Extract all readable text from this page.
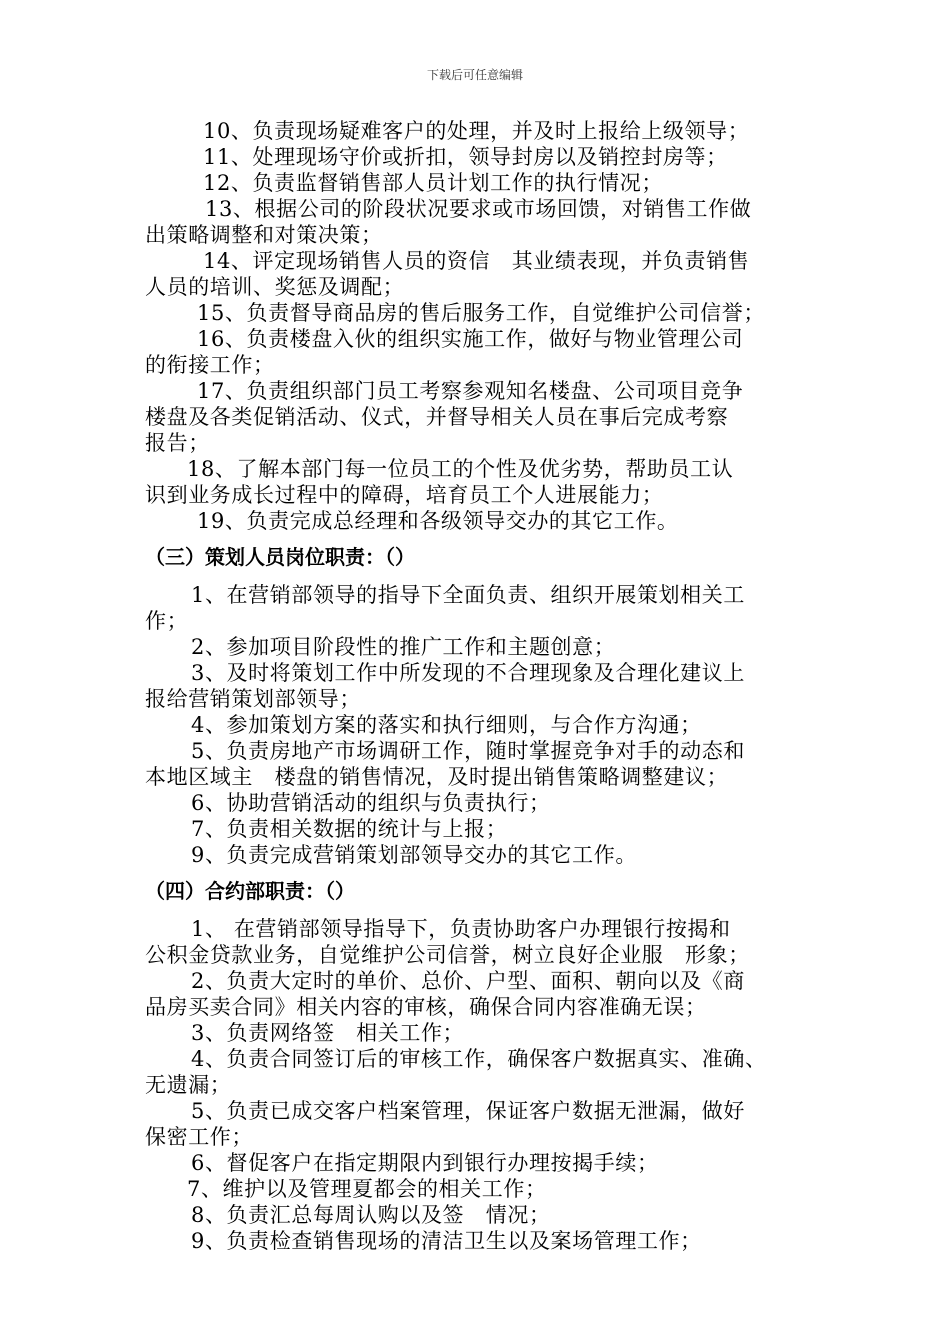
下载后可任意编辑
10、负责现场疑难客户的处理，并及时上报给上级领导；
11、处理现场守价或折扣，领导封房以及销控封房等；
12、负责监督销售部人员计划工作的执行情况；
13、根据公司的阶段状况要求或市场回馈，对销售工作做
出策略调整和对策决策；
14、评定现场销售人员的资信　其业绩表现，并负责销售
人员的培训、奖惩及调配；
15、负责督导商品房的售后服务工作，自觉维护公司信誉；
16、负责楼盘入伙的组织实施工作，做好与物业管理公司
的衔接工作；
17、负责组织部门员工考察参观知名楼盘、公司项目竞争
楼盘及各类促销活动、仪式，并督导相关人员在事后完成考察
报告；
18、了解本部门每一位员工的个性及优劣势，帮助员工认
识到业务成长过程中的障碍，培育员工个人进展能力；
19、负责完成总经理和各级领导交办的其它工作。
（三）策划人员岗位职责：（）
1、在营销部领导的指导下全面负责、组织开展策划相关工
作；
2、参加项目阶段性的推广工作和主题创意；
3、及时将策划工作中所发现的不合理现象及合理化建议上
报给营销策划部领导；
4、参加策划方案的落实和执行细则，与合作方沟通；
5、负责房地产市场调研工作，随时掌握竞争对手的动态和
本地区域主　楼盘的销售情况，及时提出销售策略调整建议；
6、协助营销活动的组织与负责执行；
7、负责相关数据的统计与上报；
9、负责完成营销策划部领导交办的其它工作。
（四）合约部职责：（）
1、 在营销部领导指导下，负责协助客户办理银行按揭和
公积金贷款业务，自觉维护公司信誉，树立良好企业服　形象；
2、负责大定时的单价、总价、户型、面积、朝向以及《商
品房买卖合同》相关内容的审核，确保合同内容准确无误；
3、负责网络签　相关工作；
4、负责合同签订后的审核工作，确保客户数据真实、准确、
无遗漏；
5、负责已成交客户档案管理，保证客户数据无泄漏，做好
保密工作；
6、督促客户在指定期限内到银行办理按揭手续；
7、维护以及管理夏都会的相关工作；
8、负责汇总每周认购以及签　情况；
9、负责检查销售现场的清洁卫生以及案场管理工作；
